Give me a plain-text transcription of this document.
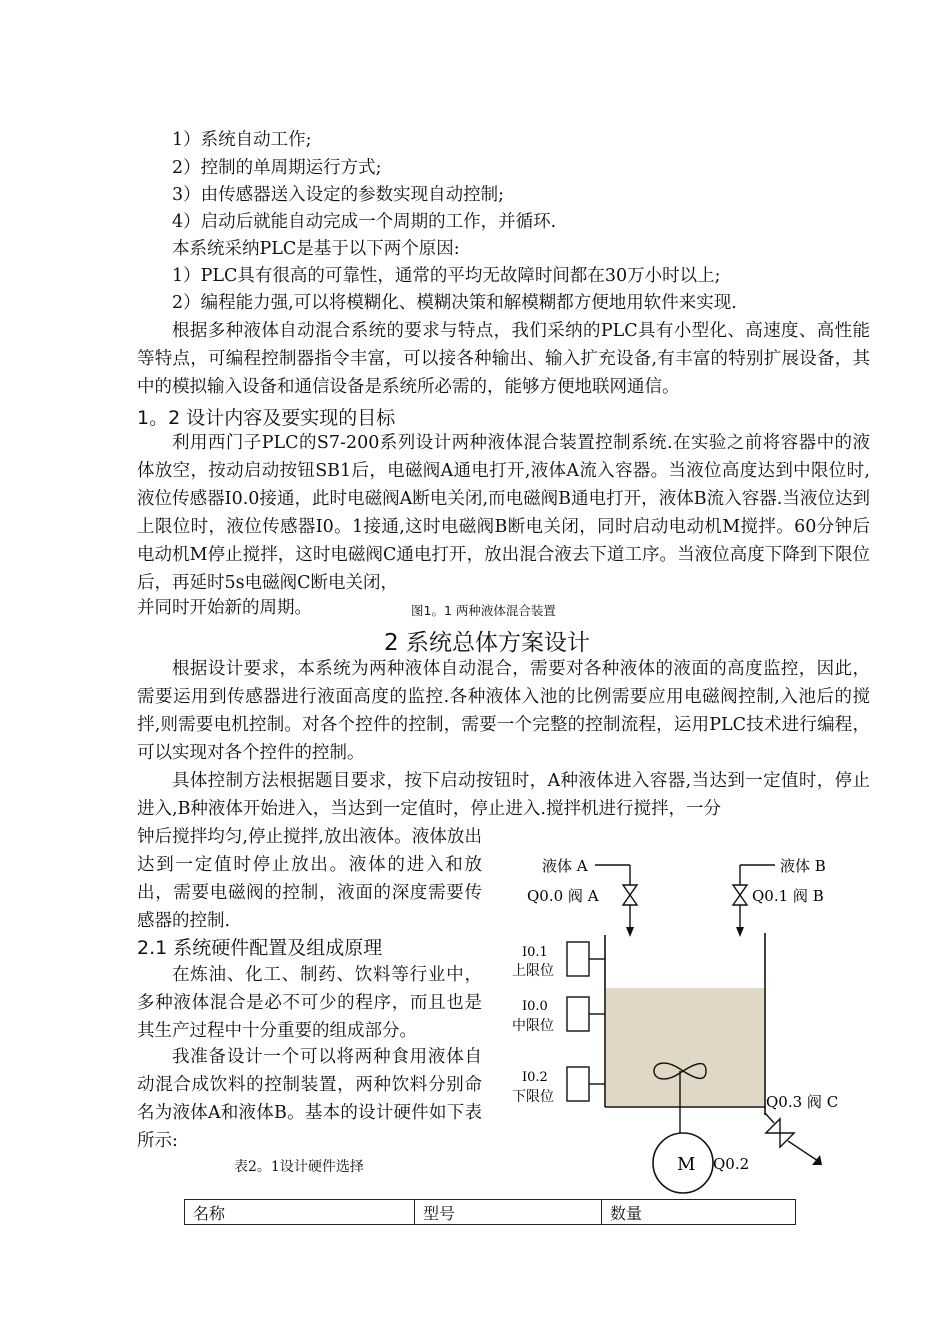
1）系统自动工作;
2）控制的单周期运行方式;
3）由传感器送入设定的参数实现自动控制;
4）启动后就能自动完成一个周期的工作，并循环.
本系统采纳PLC是基于以下两个原因:
1）PLC具有很高的可靠性，通常的平均无故障时间都在30万小时以上;
2）编程能力强,可以将模糊化、模糊决策和解模糊都方便地用软件来实现.
根据多种液体自动混合系统的要求与特点，我们采纳的PLC具有小型化、高速度、高性能等特点，可编程控制器指令丰富，可以接各种输出、输入扩充设备,有丰富的特别扩展设备，其中的模拟输入设备和通信设备是系统所必需的，能够方便地联网通信。
1。2 设计内容及要实现的目标
利用西门子PLC的S7-200系列设计两种液体混合装置控制系统.在实验之前将容器中的液体放空，按动启动按钮SB1后，电磁阀A通电打开,液体A流入容器。当液位高度达到中限位时,液位传感器I0.0接通，此时电磁阀A断电关闭,而电磁阀B通电打开，液体B流入容器.当液位达到上限位时，液位传感器I0。1接通,这时电磁阀B断电关闭，同时启动电动机M搅拌。60分钟后电动机M停止搅拌，这时电磁阀C通电打开，放出混合液去下道工序。当液位高度下降到下限位后，再延时5s电磁阀C断电关闭，
并同时开始新的周期。	图1。1 两种液体混合装置
2 系统总体方案设计
根据设计要求，本系统为两种液体自动混合，需要对各种液体的液面的高度监控，因此，需要运用到传感器进行液面高度的监控.各种液体入池的比例需要应用电磁阀控制,入池后的搅拌,则需要电机控制。对各个控件的控制，需要一个完整的控制流程，运用PLC技术进行编程，可以实现对各个控件的控制。
具体控制方法根据题目要求，按下启动按钮时，A种液体进入容器,当达到一定值时，停止进入,B种液体开始进入，当达到一定值时，停止进入.搅拌机进行搅拌，一分
钟后搅拌均匀,停止搅拌,放出液体。液体放出达到一定值时停止放出。液体的进入和放出，需要电磁阀的控制，液面的深度需要传感器的控制.
2.1 系统硬件配置及组成原理
在炼油、化工、制药、饮料等行业中，多种液体混合是必不可少的程序，而且也是其生产过程中十分重要的组成部分。
我准备设计一个可以将两种食用液体自动混合成饮料的控制装置，两种饮料分别命名为液体A和液体B。基本的设计硬件如下表所示:
表2。1设计硬件选择
液体 A
Q0.0 阀 A
液体 B
Q0.1 阀 B
I0.1
上限位
I0.0
中限位
I0.2
下限位
M Q0.2
Q0.3 阀 C
名称	型号	数量
